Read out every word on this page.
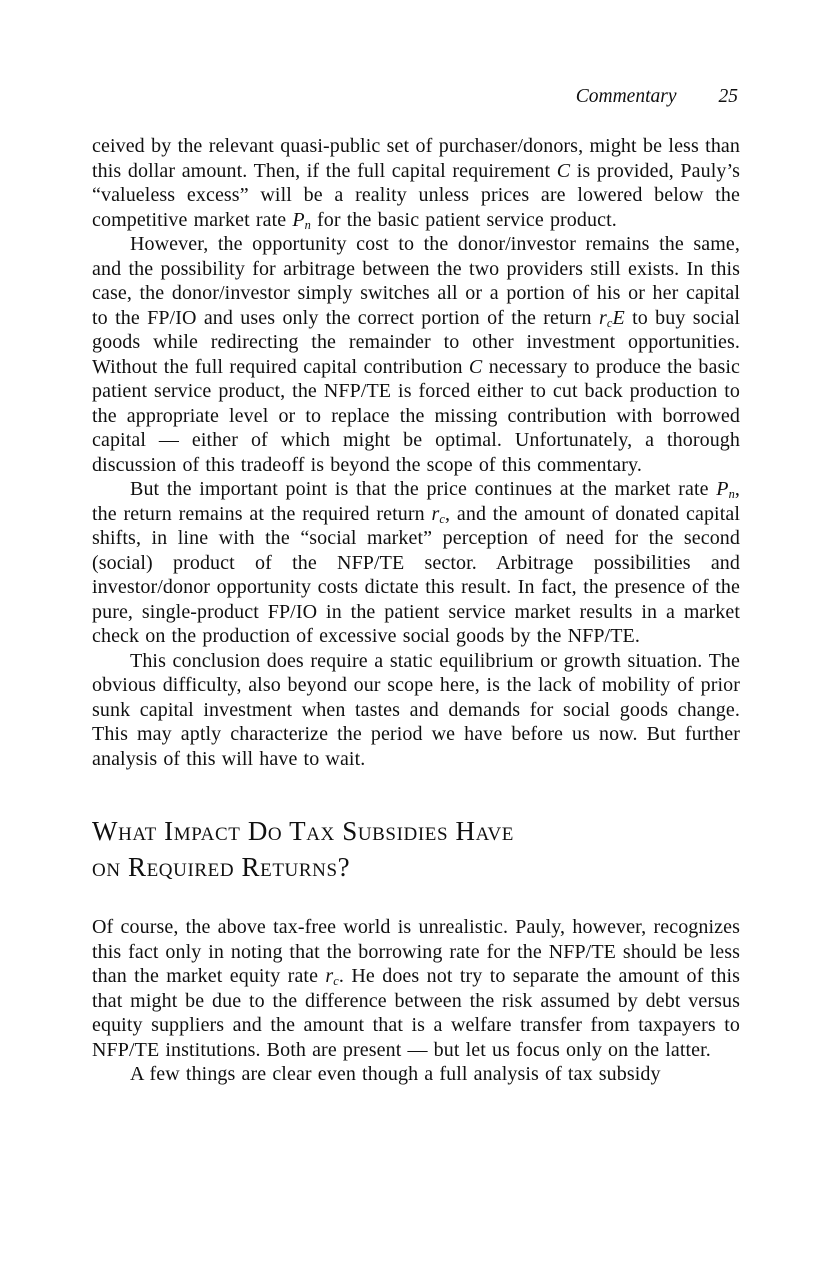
Commentary 25

ceived by the relevant quasi-public set of purchaser/donors, might be less than this dollar amount. Then, if the full capital requirement C is provided, Pauly’s “valueless excess” will be a reality unless prices are lowered below the competitive market rate $P_n$ for the basic patient service product.

However, the opportunity cost to the donor/investor remains the same, and the possibility for arbitrage between the two providers still exists. In this case, the donor/investor simply switches all or a portion of his or her capital to the FP/IO and uses only the correct portion of the return $r_cE$ to buy social goods while redirecting the remainder to other investment opportunities. Without the full required capital contribution C necessary to produce the basic patient service product, the NFP/TE is forced either to cut back production to the appropriate level or to replace the missing contribution with borrowed capital — either of which might be optimal. Unfortunately, a thorough discussion of this tradeoff is beyond the scope of this commentary.

But the important point is that the price continues at the market rate $P_n$, the return remains at the required return $r_c$, and the amount of donated capital shifts, in line with the “social market” perception of need for the second (social) product of the NFP/TE sector. Arbitrage possibilities and investor/donor opportunity costs dictate this result. In fact, the presence of the pure, single-product FP/IO in the patient service market results in a market check on the production of excessive social goods by the NFP/TE.

This conclusion does require a static equilibrium or growth situation. The obvious difficulty, also beyond our scope here, is the lack of mobility of prior sunk capital investment when tastes and demands for social goods change. This may aptly characterize the period we have before us now. But further analysis of this will have to wait.

What Impact Do Tax Subsidies Have
on Required Returns?

Of course, the above tax-free world is unrealistic. Pauly, however, recognizes this fact only in noting that the borrowing rate for the NFP/TE should be less than the market equity rate $r_c$. He does not try to separate the amount of this that might be due to the difference between the risk assumed by debt versus equity suppliers and the amount that is a welfare transfer from taxpayers to NFP/TE institutions. Both are present — but let us focus only on the latter.

A few things are clear even though a full analysis of tax subsidy
